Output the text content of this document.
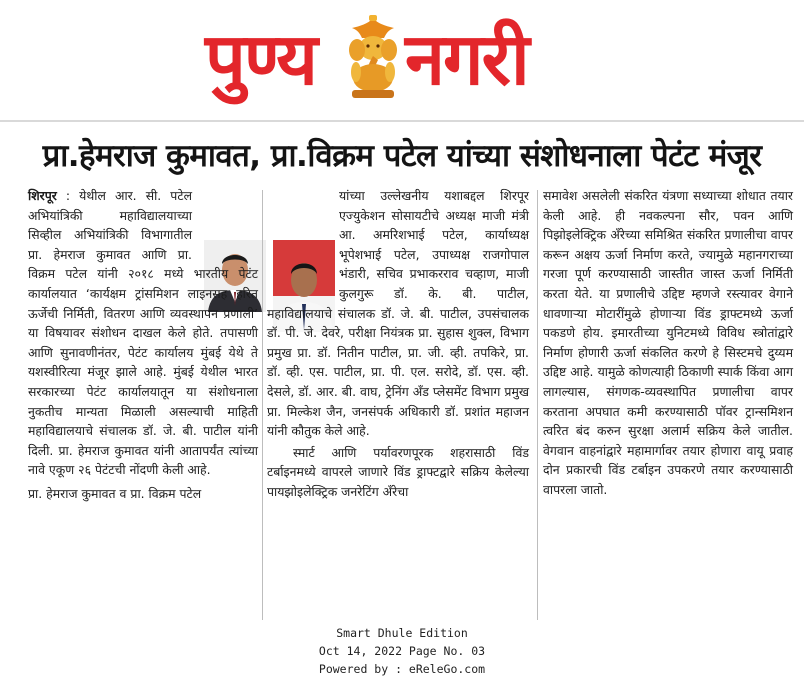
पुण्य नगरी
प्रा.हेमराज कुमावत, प्रा.विक्रम पटेल यांच्या संशोधनाला पेटंट मंजूर

शिरपूर : येथील आर. सी. पटेल अभियांत्रिकी महाविद्यालयाच्या सिव्हील अभियांत्रिकी विभागातील प्रा. हेमराज कुमावत आणि प्रा. विक्रम पटेल यांनी २०१८ मध्ये भारतीय पेटंट कार्यालयात ‘कार्यक्षम ट्रांसमिशन लाइनसह हरित ऊर्जेची निर्मिती, वितरण आणि व्यवस्थापन प्रणाली’ या विषयावर संशोधन दाखल केले होते. तपासणी आणि सुनावणीनंतर, पेटंट कार्यालय मुंबई येथे ते यशस्वीरित्या मंजूर झाले आहे. मुंबई येथील भारत सरकारच्या पेटंट कार्यालयातून या संशोधनाला नुकतीच मान्यता मिळाली असल्याची माहिती महाविद्यालयाचे संचालक डॉ. जे. बी. पाटील यांनी दिली. प्रा. हेमराज कुमावत यांनी आतापर्यंत त्यांच्या नावे एकूण २६ पेटंटची नोंदणी केली आहे.

प्रा. हेमराज कुमावत व प्रा. विक्रम पटेल

यांच्या उल्लेखनीय यशाबद्दल शिरपूर एज्युकेशन सोसायटीचे अध्यक्ष माजी मंत्री आ. अमरिशभाई पटेल, कार्याध्यक्ष भूपेशभाई पटेल, उपाध्यक्ष राजगोपाल भंडारी, सचिव प्रभाकरराव चव्हाण, माजी कुलगुरू डॉ. के. बी. पाटील, महाविद्यालयाचे संचालक डॉ. जे. बी. पाटील, उपसंचालक डॉ. पी. जे. देवरे, परीक्षा नियंत्रक प्रा. सुहास शुक्ल, विभाग प्रमुख प्रा. डॉ. नितीन पाटील, प्रा. जी. व्ही. तपकिरे, प्रा. डॉ. व्ही. एस. पाटील, प्रा. पी. एल. सरोदे, डॉ. एस. व्ही. देसले, डॉ. आर. बी. वाघ, ट्रेनिंग अँड प्लेसमेंट विभाग प्रमुख प्रा. मिल्केश जैन, जनसंपर्क अधिकारी डॉ. प्रशांत महाजन यांनी कौतुक केले आहे.

स्मार्ट आणि पर्यावरणपूरक शहरासाठी विंड टर्बाइनमध्ये वापरले जाणारे विंड ड्राफ्टद्वारे सक्रिय केलेल्या पायझोइलेक्ट्रिक जनरेटिंग अँरेचा

समावेश असलेली संकरित यंत्रणा सध्याच्या शोधात तयार केली आहे. ही नवकल्पना सौर, पवन आणि पिझोइलेक्ट्रिक अँरेच्या समिश्रित संकरित प्रणालीचा वापर करून अक्षय ऊर्जा निर्माण करते, ज्यामुळे महानगराच्या गरजा पूर्ण करण्यासाठी जास्तीत जास्त ऊर्जा निर्मिती करता येते. या प्रणालीचे उद्दिष्ट म्हणजे रस्त्यावर वेगाने धावणाऱ्या मोटारींमुळे होणाऱ्या विंड ड्राफ्टमध्ये ऊर्जा पकडणे होय. इमारतीच्या युनिटमध्ये विविध स्त्रोतांद्वारे निर्माण होणारी ऊर्जा संकलित करणे हे सिस्टमचे दुय्यम उद्दिष्ट आहे. यामुळे कोणत्याही ठिकाणी स्पार्क किंवा आग लागल्यास, संगणक-व्यवस्थापित प्रणालीचा वापर करताना अपघात कमी करण्यासाठी पॉवर ट्रान्समिशन त्वरित बंद करुन सुरक्षा अलार्म सक्रिय केले जातील. वेगवान वाहनांद्वारे महामार्गावर तयार होणारा वायू प्रवाह दोन प्रकारची विंड टर्बाइन उपकरणे तयार करण्यासाठी वापरला जातो.

Smart Dhule Edition
Oct 14, 2022 Page No. 03
Powered by : eReleGo.com
